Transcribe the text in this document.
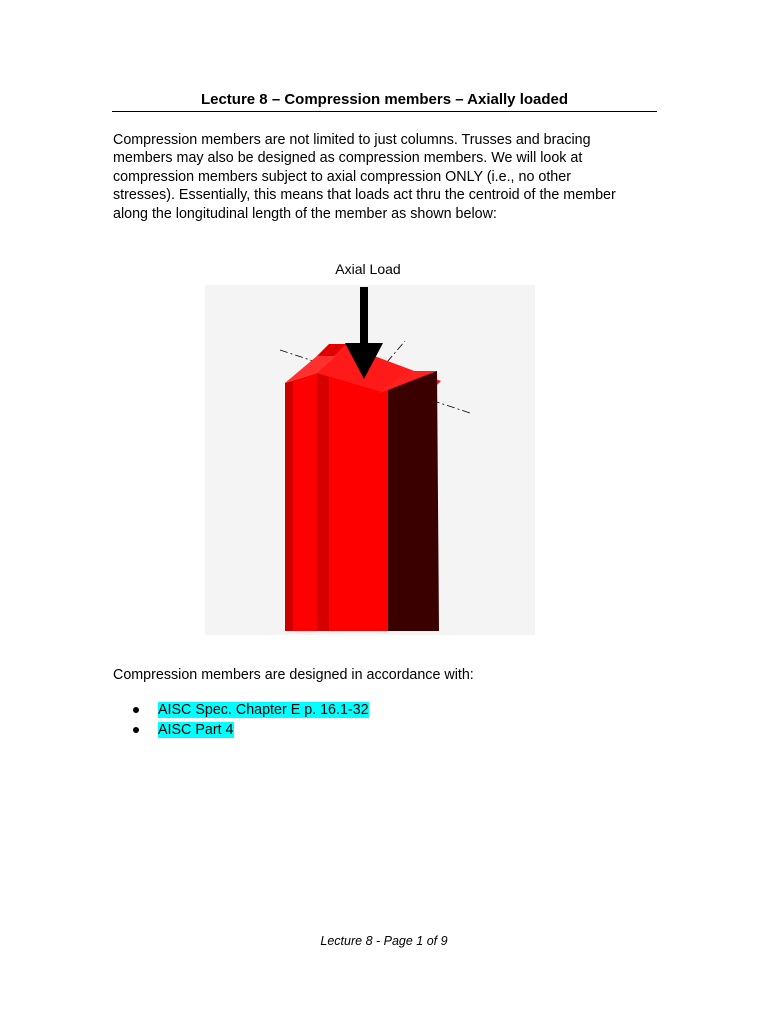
Lecture 8 – Compression members – Axially loaded

Compression members are not limited to just columns. Trusses and bracing
members may also be designed as compression members. We will look at
compression members subject to axial compression ONLY (i.e., no other
stresses). Essentially, this means that loads act thru the centroid of the member
along the longitudinal length of the member as shown below:

Axial Load
Compression members are designed in accordance with:
AISC Spec. Chapter E p. 16.1-32
AISC Part 4
Lecture 8 - Page 1 of 9
